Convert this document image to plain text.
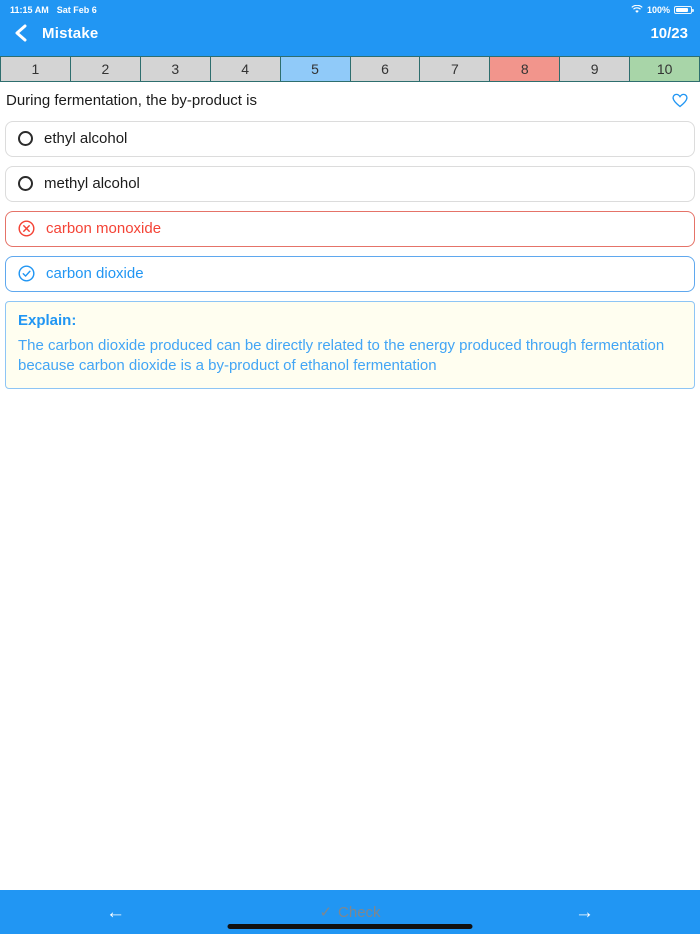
11:15 AM Sat Feb 6	100%
Mistake	10/23
1	2	3	4	5	6	7	8	9	10
During fermentation, the by-product is
ethyl alcohol
methyl alcohol
carbon monoxide
carbon dioxide
Explain:
The carbon dioxide produced can be directly related to the energy produced through fermentation because carbon dioxide is a by-product of ethanol fermentation
←	✓ Check	→
